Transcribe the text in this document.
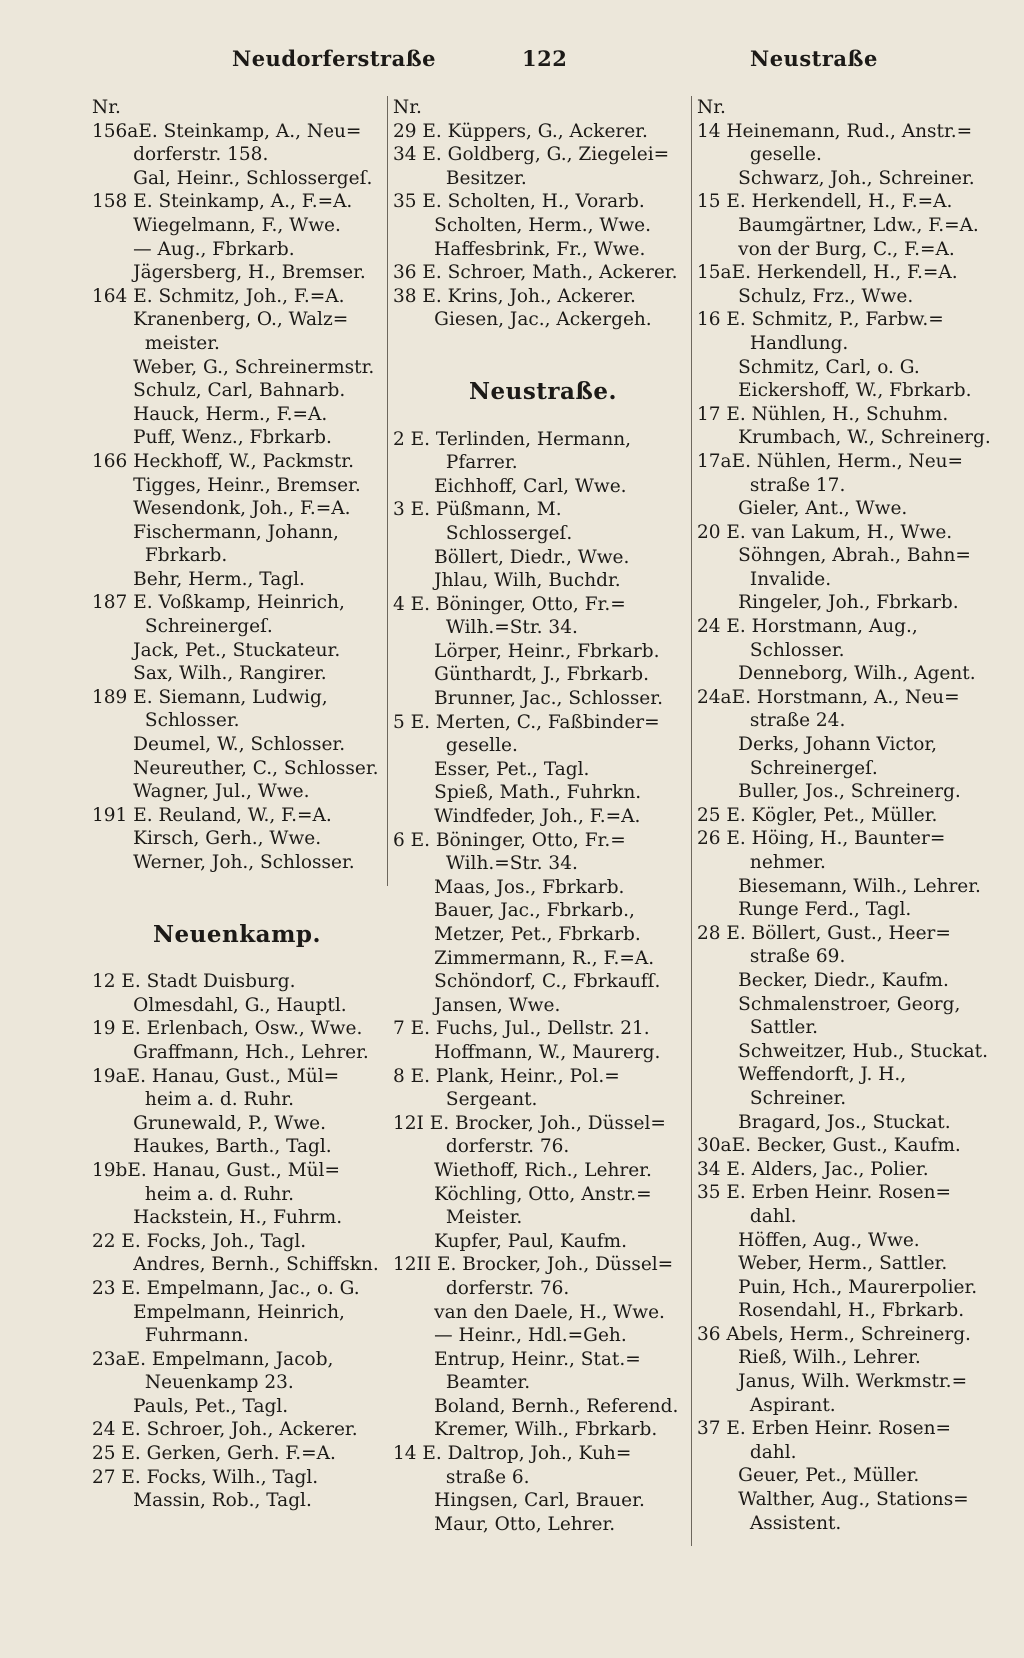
Neudorferstraße	122	Neustraße
Nr.
156aE. Steinkamp, A., Neu=
dorferstr. 158.
Gal, Heinr., Schlossergeſ.
158 E. Steinkamp, A., F.=A.
Wiegelmann, F., Wwe.
— Aug., Fbrkarb.
Jägersberg, H., Bremser.
164 E. Schmitz, Joh., F.=A.
Kranenberg, O., Walz=
meister.
Weber, G., Schreinermstr.
Schulz, Carl, Bahnarb.
Hauck, Herm., F.=A.
Puff, Wenz., Fbrkarb.
166 Heckhoff, W., Packmstr.
Tigges, Heinr., Bremser.
Wesendonk, Joh., F.=A.
Fischermann, Johann,
Fbrkarb.
Behr, Herm., Tagl.
187 E. Voßkamp, Heinrich,
Schreinergeſ.
Jack, Pet., Stuckateur.
Sax, Wilh., Rangirer.
189 E. Siemann, Ludwig,
Schlosser.
Deumel, W., Schlosser.
Neureuther, C., Schlosser.
Wagner, Jul., Wwe.
191 E. Reuland, W., F.=A.
Kirsch, Gerh., Wwe.
Werner, Joh., Schlosser.
Neuenkamp.
12 E. Stadt Duisburg.
Olmesdahl, G., Hauptl.
19 E. Erlenbach, Osw., Wwe.
Graffmann, Hch., Lehrer.
19aE. Hanau, Gust., Mül=
heim a. d. Ruhr.
Grunewald, P., Wwe.
Haukes, Barth., Tagl.
19bE. Hanau, Gust., Mül=
heim a. d. Ruhr.
Hackstein, H., Fuhrm.
22 E. Focks, Joh., Tagl.
Andres, Bernh., Schiffskn.
23 E. Empelmann, Jac., o. G.
Empelmann, Heinrich,
Fuhrmann.
23aE. Empelmann, Jacob,
Neuenkamp 23.
Pauls, Pet., Tagl.
24 E. Schroer, Joh., Ackerer.
25 E. Gerken, Gerh. F.=A.
27 E. Focks, Wilh., Tagl.
Massin, Rob., Tagl.
Nr.
29 E. Küppers, G., Ackerer.
34 E. Goldberg, G., Ziegelei=
Besitzer.
35 E. Scholten, H., Vorarb.
Scholten, Herm., Wwe.
Haffesbrink, Fr., Wwe.
36 E. Schroer, Math., Ackerer.
38 E. Krins, Joh., Ackerer.
Giesen, Jac., Ackergeh.
Neustraße.
2 E. Terlinden, Hermann,
Pfarrer.
Eichhoff, Carl, Wwe.
3 E. Püßmann, M.
Schlossergeſ.
Böllert, Diedr., Wwe.
Jhlau, Wilh, Buchdr.
4 E. Böninger, Otto, Fr.=
Wilh.=Str. 34.
Lörper, Heinr., Fbrkarb.
Günthardt, J., Fbrkarb.
Brunner, Jac., Schlosser.
5 E. Merten, C., Faßbinder=
geselle.
Esser, Pet., Tagl.
Spieß, Math., Fuhrkn.
Windfeder, Joh., F.=A.
6 E. Böninger, Otto, Fr.=
Wilh.=Str. 34.
Maas, Jos., Fbrkarb.
Bauer, Jac., Fbrkarb.,
Metzer, Pet., Fbrkarb.
Zimmermann, R., F.=A.
Schöndorf, C., Fbrkaufſ.
Jansen, Wwe.
7 E. Fuchs, Jul., Dellstr. 21.
Hoffmann, W., Maurerg.
8 E. Plank, Heinr., Pol.=
Sergeant.
12I E. Brocker, Joh., Düssel=
dorferstr. 76.
Wiethoff, Rich., Lehrer.
Köchling, Otto, Anstr.=
Meister.
Kupfer, Paul, Kaufm.
12II E. Brocker, Joh., Düssel=
dorferstr. 76.
van den Daele, H., Wwe.
— Heinr., Hdl.=Geh.
Entrup, Heinr., Stat.=
Beamter.
Boland, Bernh., Referend.
Kremer, Wilh., Fbrkarb.
14 E. Daltrop, Joh., Kuh=
straße 6.
Hingsen, Carl, Brauer.
Maur, Otto, Lehrer.
Nr.
14 Heinemann, Rud., Anstr.=
geselle.
Schwarz, Joh., Schreiner.
15 E. Herkendell, H., F.=A.
Baumgärtner, Ldw., F.=A.
von der Burg, C., F.=A.
15aE. Herkendell, H., F.=A.
Schulz, Frz., Wwe.
16 E. Schmitz, P., Farbw.=
Handlung.
Schmitz, Carl, o. G.
Eickershoff, W., Fbrkarb.
17 E. Nühlen, H., Schuhm.
Krumbach, W., Schreinerg.
17aE. Nühlen, Herm., Neu=
straße 17.
Gieler, Ant., Wwe.
20 E. van Lakum, H., Wwe.
Söhngen, Abrah., Bahn=
Invalide.
Ringeler, Joh., Fbrkarb.
24 E. Horstmann, Aug.,
Schlosser.
Denneborg, Wilh., Agent.
24aE. Horstmann, A., Neu=
straße 24.
Derks, Johann Victor,
Schreinergeſ.
Buller, Jos., Schreinerg.
25 E. Kögler, Pet., Müller.
26 E. Höing, H., Baunter=
nehmer.
Biesemann, Wilh., Lehrer.
Runge Ferd., Tagl.
28 E. Böllert, Gust., Heer=
straße 69.
Becker, Diedr., Kaufm.
Schmalenstroer, Georg,
Sattler.
Schweitzer, Hub., Stuckat.
Weffendorft, J. H.,
Schreiner.
Bragard, Jos., Stuckat.
30aE. Becker, Gust., Kaufm.
34 E. Alders, Jac., Polier.
35 E. Erben Heinr. Rosen=
dahl.
Höffen, Aug., Wwe.
Weber, Herm., Sattler.
Puin, Hch., Maurerpolier.
Rosendahl, H., Fbrkarb.
36 Abels, Herm., Schreinerg.
Rieß, Wilh., Lehrer.
Janus, Wilh. Werkmstr.=
Aspirant.
37 E. Erben Heinr. Rosen=
dahl.
Geuer, Pet., Müller.
Walther, Aug., Stations=
Assistent.
